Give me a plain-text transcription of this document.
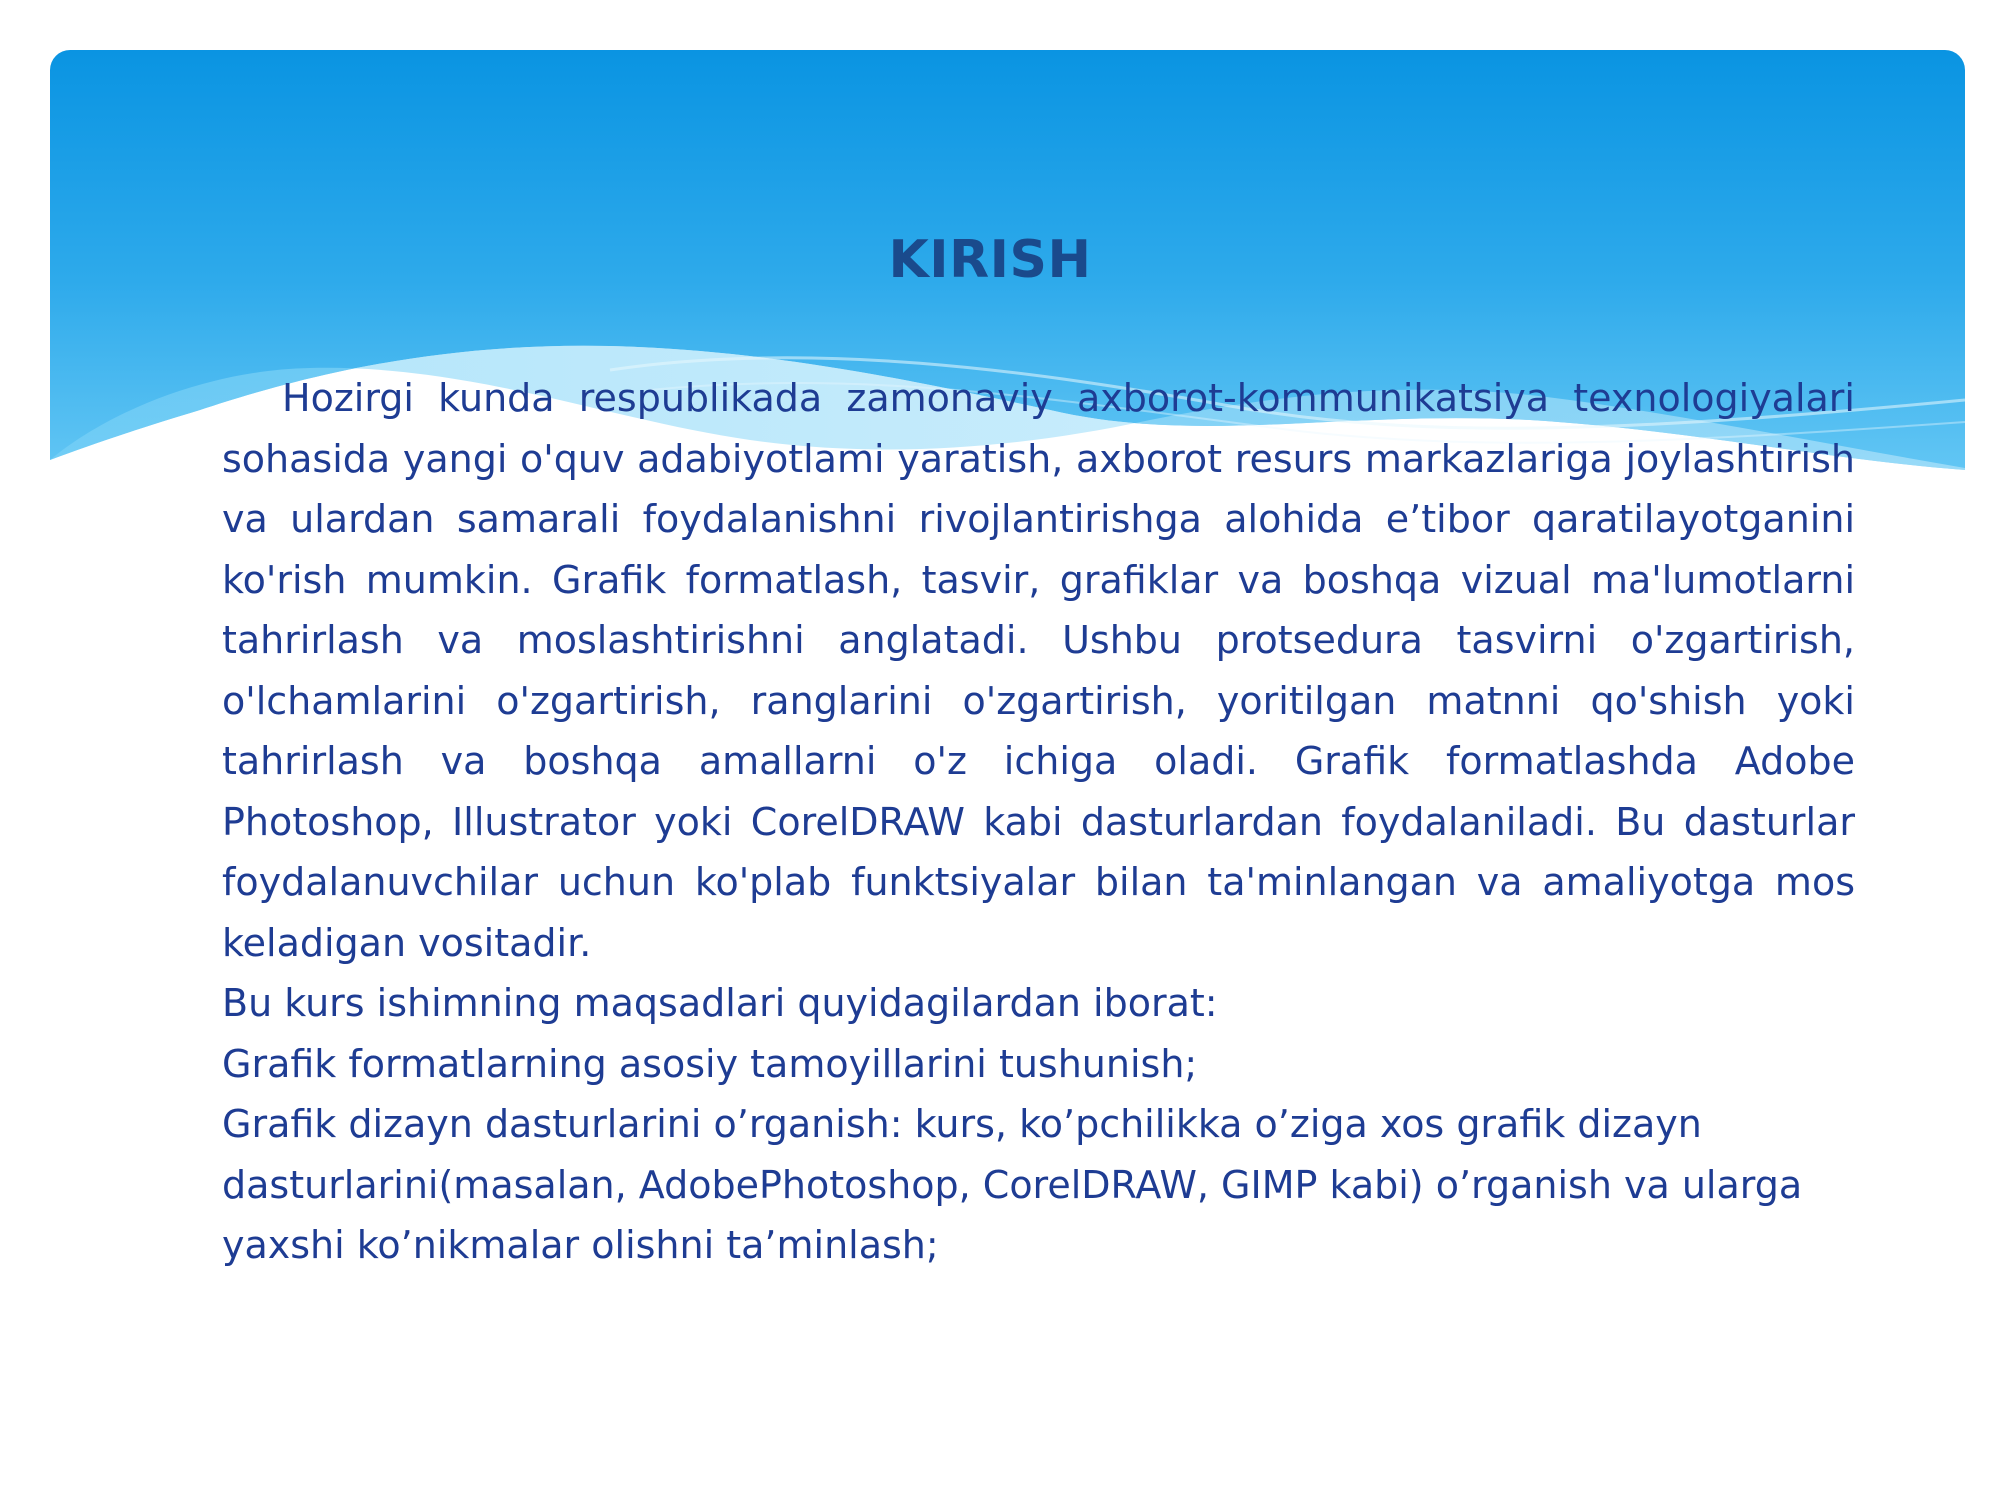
KIRISH

Hozirgi kunda respublikada zamonaviy axborot-kommunikatsiya texnologiyalari sohasida yangi o'quv adabiyotlami yaratish, axborot resurs markazlariga joylashtirish va ulardan samarali foydalanishni rivojlantirishga alohida e’tibor qaratilayotganini ko'rish mumkin. Grafik formatlash, tasvir, grafiklar va boshqa vizual ma'lumotlarni tahrirlash va moslashtirishni anglatadi. Ushbu protsedura tasvirni o'zgartirish, o'lchamlarini o'zgartirish, ranglarini o'zgartirish, yoritilgan matnni qo'shish yoki tahrirlash va boshqa amallarni o'z ichiga oladi. Grafik formatlashda Adobe Photoshop, Illustrator yoki CorelDRAW kabi dasturlardan foydalaniladi. Bu dasturlar foydalanuvchilar uchun ko'plab funktsiyalar bilan ta'minlangan va amaliyotga mos keladigan vositadir.

Bu kurs ishimning maqsadlari quyidagilardan iborat:

Grafik formatlarning asosiy tamoyillarini tushunish;

Grafik dizayn dasturlarini o’rganish: kurs, ko’pchilikka o’ziga xos grafik dizayn dasturlarini(masalan, AdobePhotoshop, CorelDRAW, GIMP kabi) o’rganish va ularga yaxshi ko’nikmalar olishni ta’minlash;
